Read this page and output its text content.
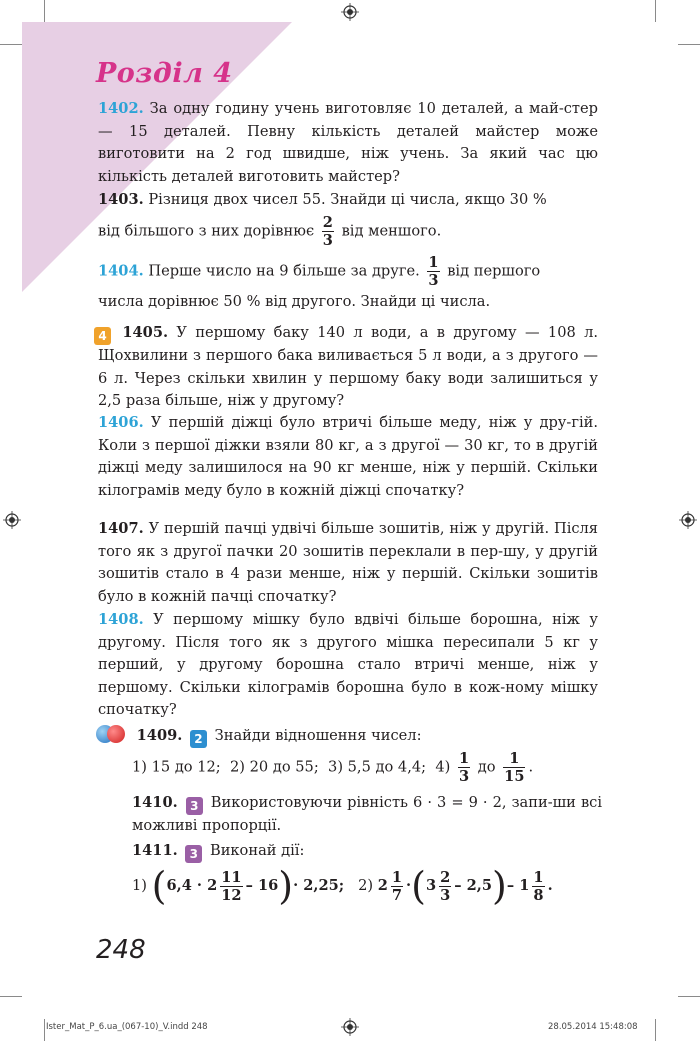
Розділ 4
1402. За одну годину учень виготовляє 10 деталей, а май-стер — 15 деталей. Певну кількість деталей майстер може виготовити на 2 год швидше, ніж учень. За який час цю кількість деталей виготовить майстер?
1403. Різниця двох чисел 55. Знайди ці числа, якщо 30 %
від більшого з них дорівнює $\frac{2}{3}$ від меншого.
1404. Перше число на 9 більше за друге. $\frac{1}{3}$ від першого
числа дорівнює 50 % від другого. Знайди ці числа.
4 1405. У першому баку 140 л води, а в другому — 108 л. Щохвилини з першого бака виливається 5 л води, а з другого — 6 л. Через скільки хвилин у першому баку води залишиться у 2,5 раза більше, ніж у другому?
1406. У першій діжці було втричі більше меду, ніж у дру-гій. Коли з першої діжки взяли 80 кг, а з другої — 30 кг, то в другій діжці меду залишилося на 90 кг менше, ніж у першій. Скільки кілограмів меду було в кожній діжці спочатку?
1407. У першій пачці удвічі більше зошитів, ніж у другій. Після того як з другої пачки 20 зошитів переклали в пер-шу, у другій зошитів стало в 4 рази менше, ніж у першій. Скільки зошитів було в кожній пачці спочатку?
1408. У першому мішку було вдвічі більше борошна, ніж у другому. Після того як з другого мішка пересипали 5 кг у перший, у другому борошна стало втричі менше, ніж у першому. Скільки кілограмів борошна було в кож-ному мішку спочатку?
1409. 2 Знайди відношення чисел:
1) 15 до 12; 2) 20 до 55; 3) 5,5 до 4,4; $4) \frac{1}{3}$ до $\frac{1}{15}$ .
1410. 3 Використовуючи рівність 6 · 3 = 9 · 2, запи-ши всі можливі пропорції.
1411. 3 Виконай дії:
1) $(6,4 \cdot 2 \frac{11}{12} - 16)\cdot 2,25$; 2) $2 \frac{1}{7} \cdot(3 \frac{2}{3} - 2,5)-$ $1 \frac{1}{8}$ .
248
Ister_Mat_P_6.ua_(067-10)_V.indd 248	28.05.2014 15:48:08
